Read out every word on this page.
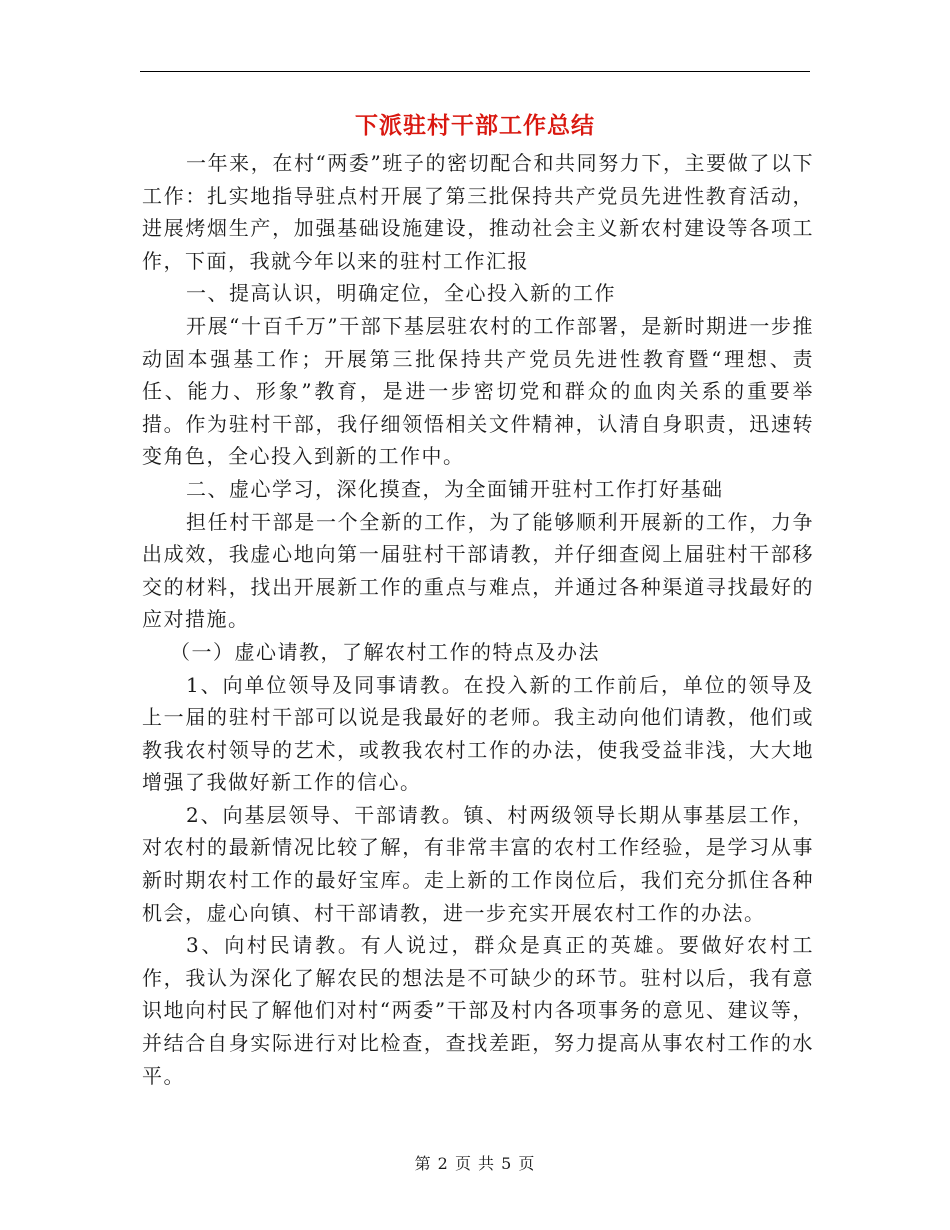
下派驻村干部工作总结

一年来，在村“两委”班子的密切配合和共同努力下，主要做了以下工作：扎实地指导驻点村开展了第三批保持共产党员先进性教育活动，进展烤烟生产，加强基础设施建设，推动社会主义新农村建设等各项工作，下面，我就今年以来的驻村工作汇报

一、提高认识，明确定位，全心投入新的工作

开展“十百千万”干部下基层驻农村的工作部署，是新时期进一步推动固本强基工作；开展第三批保持共产党员先进性教育暨“理想、责任、能力、形象”教育，是进一步密切党和群众的血肉关系的重要举措。作为驻村干部，我仔细领悟相关文件精神，认清自身职责，迅速转变角色，全心投入到新的工作中。

二、虚心学习，深化摸查，为全面铺开驻村工作打好基础

担任村干部是一个全新的工作，为了能够顺利开展新的工作，力争出成效，我虚心地向第一届驻村干部请教，并仔细查阅上届驻村干部移交的材料，找出开展新工作的重点与难点，并通过各种渠道寻找最好的应对措施。

（一）虚心请教，了解农村工作的特点及办法

1、向单位领导及同事请教。在投入新的工作前后，单位的领导及上一届的驻村干部可以说是我最好的老师。我主动向他们请教，他们或教我农村领导的艺术，或教我农村工作的办法，使我受益非浅，大大地增强了我做好新工作的信心。

2、向基层领导、干部请教。镇、村两级领导长期从事基层工作，对农村的最新情况比较了解，有非常丰富的农村工作经验，是学习从事新时期农村工作的最好宝库。走上新的工作岗位后，我们充分抓住各种机会，虚心向镇、村干部请教，进一步充实开展农村工作的办法。

3、向村民请教。有人说过，群众是真正的英雄。要做好农村工作，我认为深化了解农民的想法是不可缺少的环节。驻村以后，我有意识地向村民了解他们对村“两委”干部及村内各项事务的意见、建议等，并结合自身实际进行对比检查，查找差距，努力提高从事农村工作的水平。

第 2 页 共 5 页
